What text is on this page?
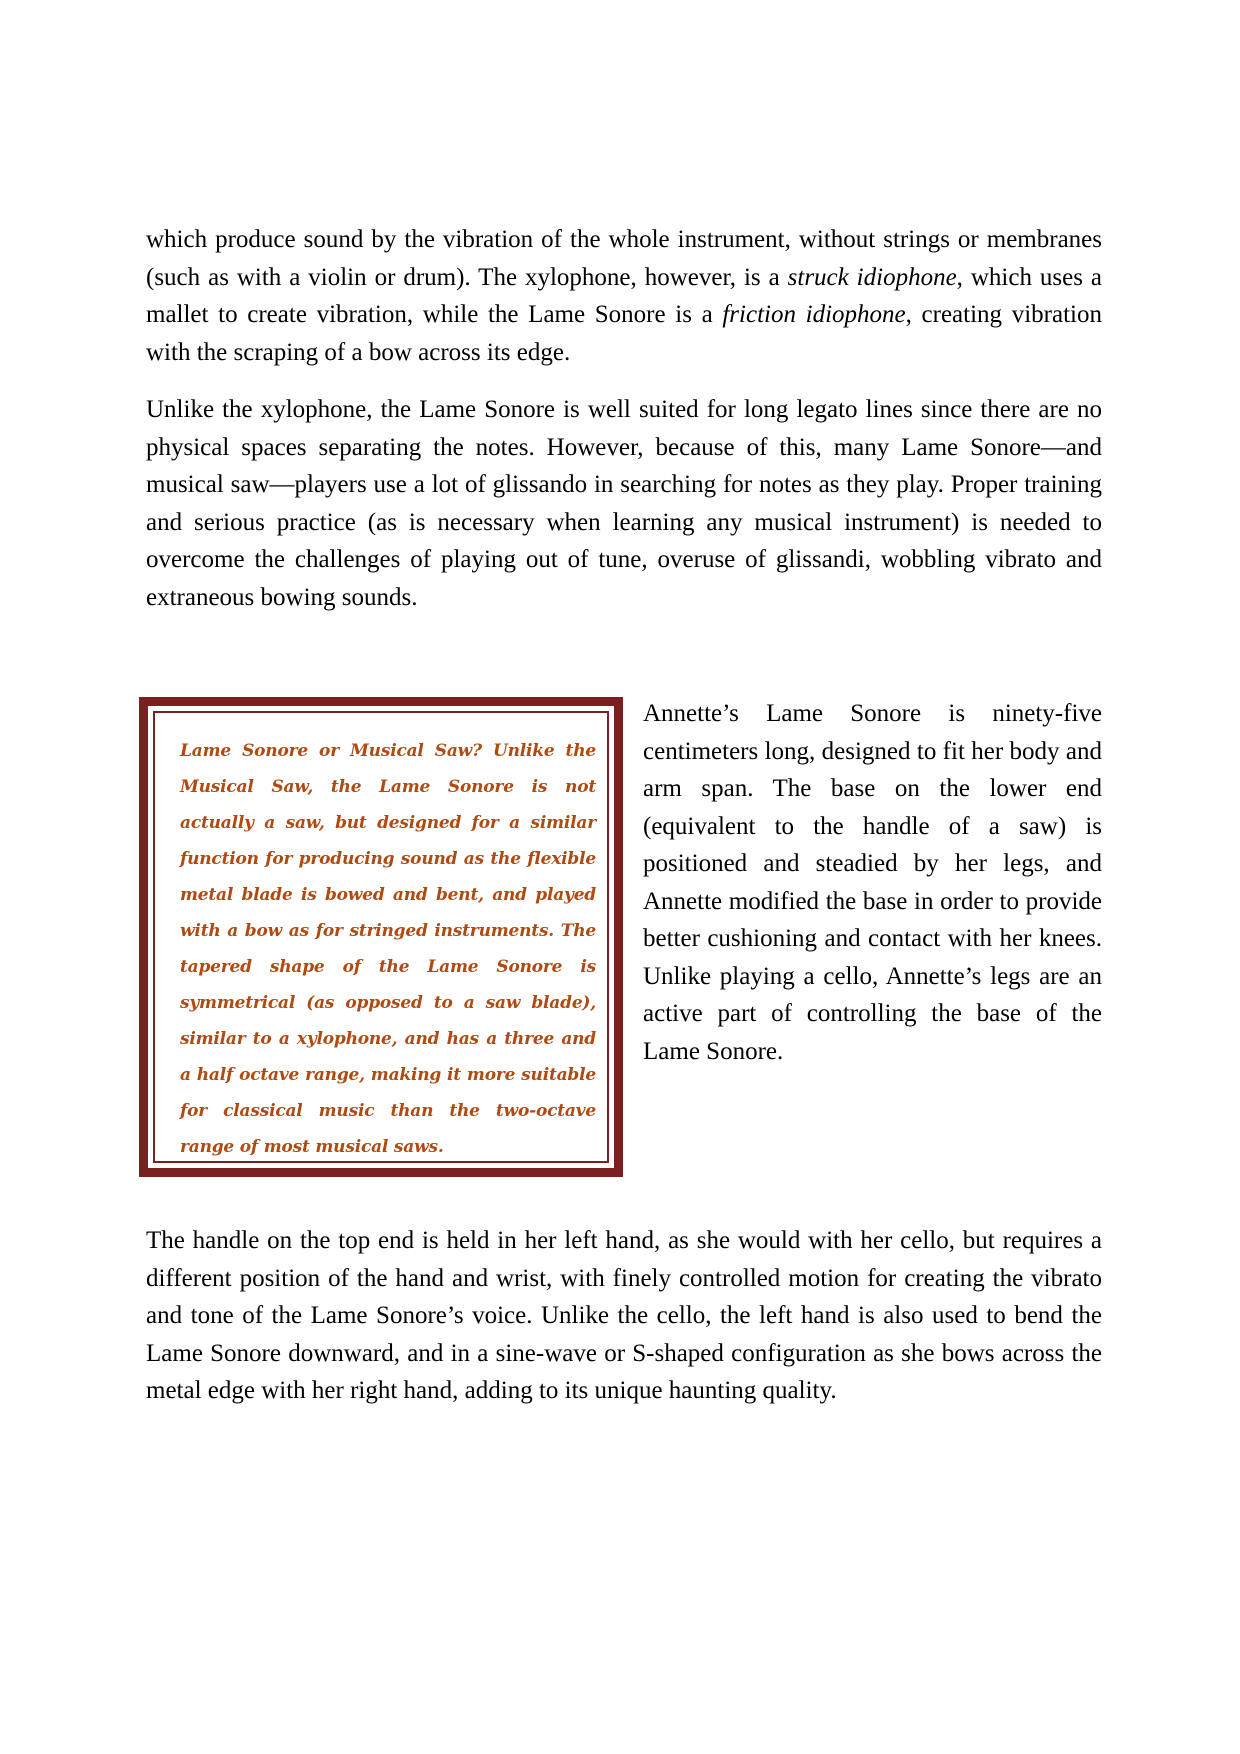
which produce sound by the vibration of the whole instrument, without strings or membranes (such as with a violin or drum). The xylophone, however, is a struck idiophone, which uses a mallet to create vibration, while the Lame Sonore is a friction idiophone, creating vibration with the scraping of a bow across its edge.

Unlike the xylophone, the Lame Sonore is well suited for long legato lines since there are no physical spaces separating the notes. However, because of this, many Lame Sonore—and musical saw—players use a lot of glissando in searching for notes as they play. Proper training and serious practice (as is necessary when learning any musical instrument) is needed to overcome the challenges of playing out of tune, overuse of glissandi, wobbling vibrato and extraneous bowing sounds.

Lame Sonore or Musical Saw? Unlike the Musical Saw, the Lame Sonore is not actually a saw, but designed for a similar function for producing sound as the flexible metal blade is bowed and bent, and played with a bow as for stringed instruments. The tapered shape of the Lame Sonore is symmetrical (as opposed to a saw blade), similar to a xylophone, and has a three and a half octave range, making it more suitable for classical music than the two-octave range of most musical saws.

Annette’s Lame Sonore is ninety-five centimeters long, designed to fit her body and arm span. The base on the lower end (equivalent to the handle of a saw) is positioned and steadied by her legs, and Annette modified the base in order to provide better cushioning and contact with her knees. Unlike playing a cello, Annette’s legs are an active part of controlling the base of the Lame Sonore.

The handle on the top end is held in her left hand, as she would with her cello, but requires a different position of the hand and wrist, with finely controlled motion for creating the vibrato and tone of the Lame Sonore’s voice. Unlike the cello, the left hand is also used to bend the Lame Sonore downward, and in a sine-wave or S-shaped configuration as she bows across the metal edge with her right hand, adding to its unique haunting quality.
